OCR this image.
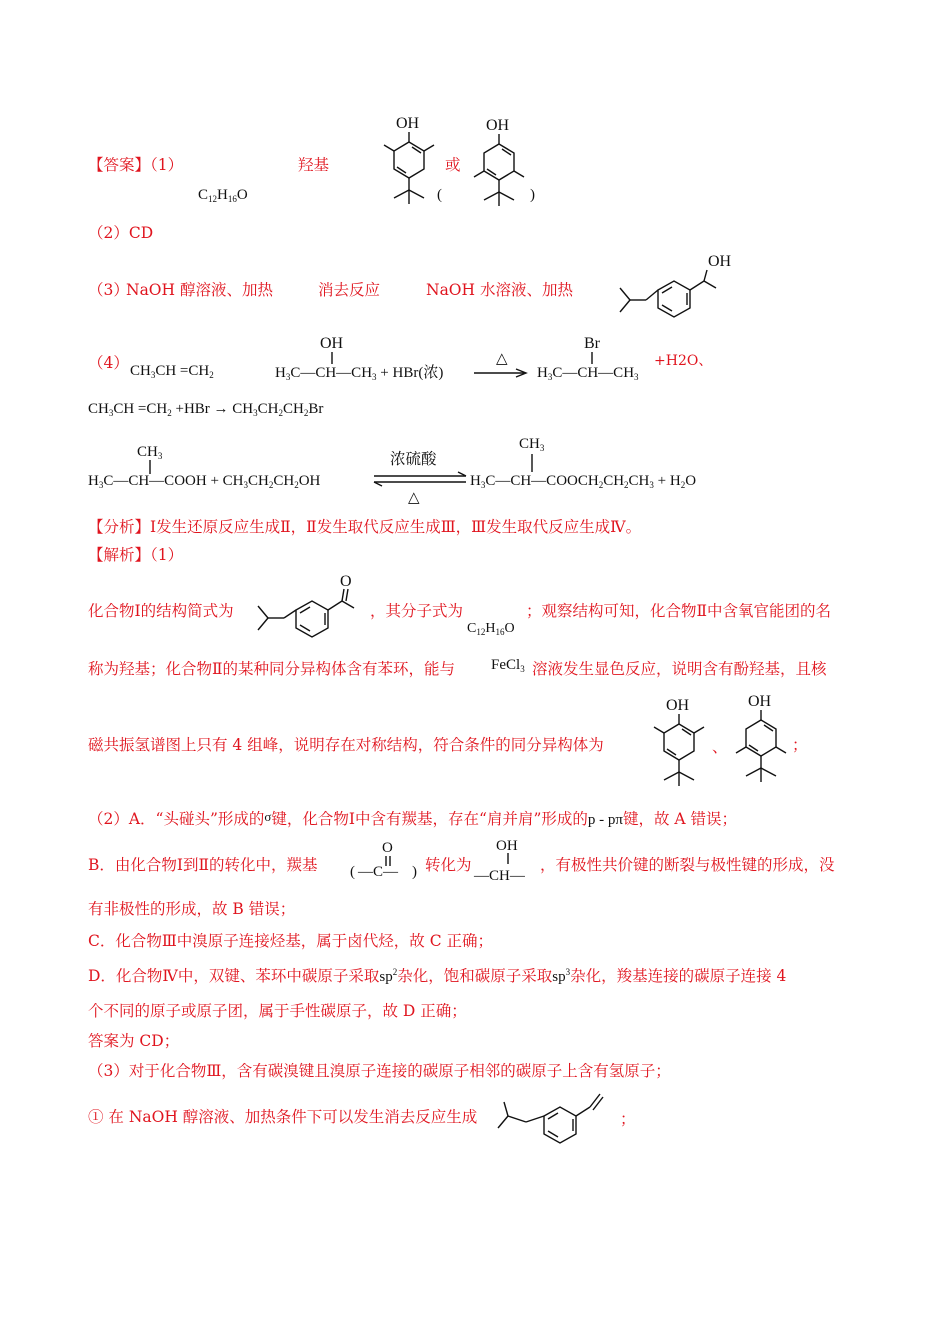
【答案】（1）
$C_{12}H_{16}O$
羟基
OH
或
(
OH
)
（2）CD
（3）
NaOH 醇溶液、加热	消去反应	NaOH 水溶液、加热
OH
（4） $CH_3CH =CH_2$
OH
$H_3C—CH—CH_3 + HBr$(浓)
△
Br
$H_3C—CH—CH_3$
+H2O、
$CH_3CH =CH_2 +HBr \to CH_3CH_2CH_2Br$
$CH_3$
$H_3C—CH—COOH + CH_3CH_2CH_2OH$
浓硫酸
△
$CH_3$
$H_3C—CH—COOCH_2CH_2CH_3 + H_2O$
【分析】Ⅰ发生还原反应生成Ⅱ，Ⅱ发生取代反应生成Ⅲ，Ⅲ发生取代反应生成Ⅳ。
【解析】（1）
化合物Ⅰ的结构简式为
O
，其分子式为
$C_{12}H_{16}O$
；观察结构可知，化合物Ⅱ中含氧官能团的名
称为羟基；化合物Ⅱ的某种同分异构体含有苯环，能与 FeCl$_3$ 溶液发生显色反应，说明含有酚羟基，且核
磁共振氢谱图上只有 4 组峰，说明存在对称结构，符合条件的同分异构体为
OH
、
OH
；
（2）A．“头碰头”形成的σ键，化合物Ⅰ中含有羰基，存在“肩并肩”形成的p - pπ键，故 A 错误；
B．由化合物Ⅰ到Ⅱ的转化中，羰基 (
O
—C— ) 转化为
OH
—CH—
，有极性共价键的断裂与极性键的形成，没
有非极性的形成，故 B 错误；
C．化合物Ⅲ中溴原子连接烃基，属于卤代烃，故 C 正确；
D．化合物Ⅳ中，双键、苯环中碳原子采取$sp^2$杂化，饱和碳原子采取$sp^3$杂化，羧基连接的碳原子连接 4
个不同的原子或原子团，属于手性碳原子，故 D 正确；
答案为 CD；
（3）对于化合物Ⅲ，含有碳溴键且溴原子连接的碳原子相邻的碳原子上含有氢原子；
① 在 NaOH 醇溶液、加热条件下可以发生消去反应生成	；
